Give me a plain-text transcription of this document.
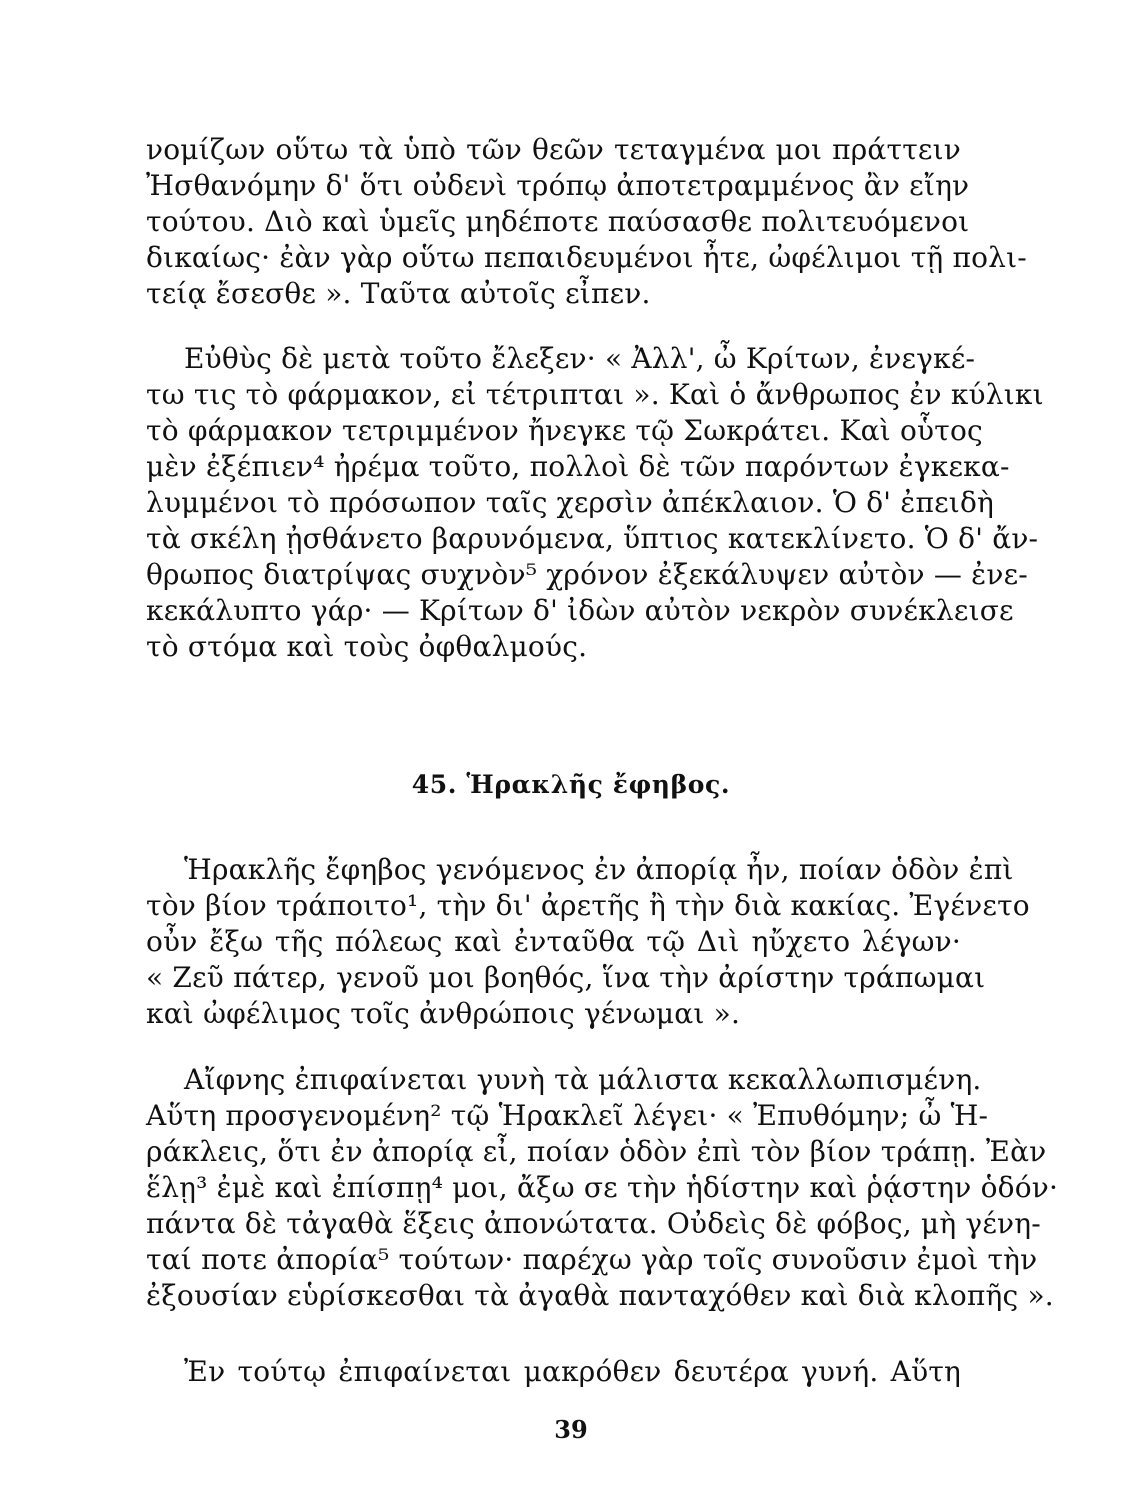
νομίζων οὕτω τὰ ὑπὸ τῶν θεῶν τεταγμένα μοι πράττειν
Ἠσθανόμην δ' ὅτι οὐδενὶ τρόπῳ ἀποτετραμμένος ἂν εἴην
τούτου. Διὸ καὶ ὑμεῖς μηδέποτε παύσασθε πολιτευόμενοι
δικαίως· ἐὰν γὰρ οὕτω πεπαιδευμένοι ἦτε, ὠφέλιμοι τῇ πολι-
τείᾳ ἔσεσθε ». Ταῦτα αὐτοῖς εἶπεν.
Εὐθὺς δὲ μετὰ τοῦτο ἔλεξεν· « Ἀλλ', ὦ Κρίτων, ἐνεγκέ-
τω τις τὸ φάρμακον, εἰ τέτριπται ». Καὶ ὁ ἄνθρωπος ἐν κύλικι
τὸ φάρμακον τετριμμένον ἤνεγκε τῷ Σωκράτει. Καὶ οὗτος
μὲν ἐξέπιεν⁴ ἠρέμα τοῦτο, πολλοὶ δὲ τῶν παρόντων ἐγκεκα-
λυμμένοι τὸ πρόσωπον ταῖς χερσὶν ἀπέκλαιον. Ὁ δ' ἐπειδὴ
τὰ σκέλη ᾐσθάνετο βαρυνόμενα, ὕπτιος κατεκλίνετο. Ὁ δ' ἄν-
θρωπος διατρίψας συχνὸν⁵ χρόνον ἐξεκάλυψεν αὐτὸν — ἐνε-
κεκάλυπτο γάρ· — Κρίτων δ' ἰδὼν αὐτὸν νεκρὸν συνέκλεισε
τὸ στόμα καὶ τοὺς ὀφθαλμούς.
45. Ἡρακλῆς ἔφηβος.
Ἡρακλῆς ἔφηβος γενόμενος ἐν ἀπορίᾳ ἦν, ποίαν ὁδὸν ἐπὶ
τὸν βίον τράποιτο¹, τὴν δι' ἀρετῆς ἢ τὴν διὰ κακίας. Ἐγένετο
οὖν ἔξω τῆς πόλεως καὶ ἐνταῦθα τῷ Διὶ ηὔχετο λέγων·
« Ζεῦ πάτερ, γενοῦ μοι βοηθός, ἵνα τὴν ἀρίστην τράπωμαι
καὶ ὠφέλιμος τοῖς ἀνθρώποις γένωμαι ».
Αἴφνης ἐπιφαίνεται γυνὴ τὰ μάλιστα κεκαλλωπισμένη.
Αὕτη προσγενομένη² τῷ Ἡρακλεῖ λέγει· « Ἐπυθόμην; ὦ Ἡ-
ράκλεις, ὅτι ἐν ἀπορίᾳ εἶ, ποίαν ὁδὸν ἐπὶ τὸν βίον τράπῃ. Ἐὰν
ἕλῃ³ ἐμὲ καὶ ἐπίσπῃ⁴ μοι, ἄξω σε τὴν ἡδίστην καὶ ῥᾴστην ὁδόν·
πάντα δὲ τἀγαθὰ ἕξεις ἀπονώτατα. Οὐδεὶς δὲ φόβος, μὴ γένη-
ταί ποτε ἀπορία⁵ τούτων· παρέχω γὰρ τοῖς συνοῦσιν ἐμοὶ τὴν
ἐξουσίαν εὑρίσκεσθαι τὰ ἀγαθὰ πανταχόθεν καὶ διὰ κλοπῆς ».
Ἐν τούτῳ ἐπιφαίνεται μακρόθεν δευτέρα γυνή. Αὕτη
39
